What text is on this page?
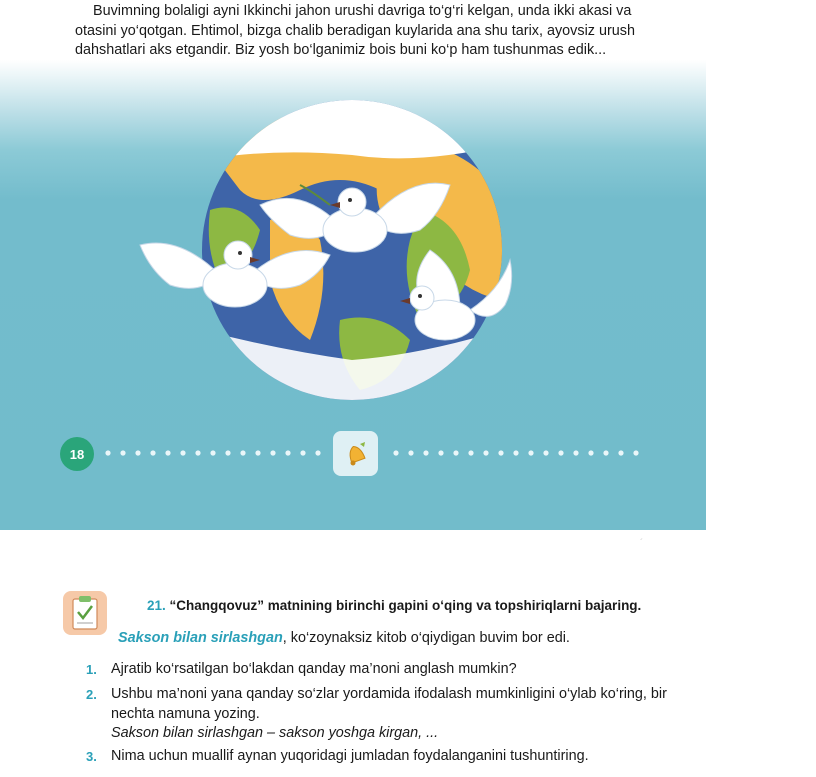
Buvimning bolaligi ayni Ikkinchi jahon urushi davriga to‘g‘ri kelgan, unda ikki akasi va

otasini yo‘qotgan. Ehtimol, bizga chalib beradigan kuylarida ana shu tarix, ayovsiz urush

dahshatlari aks etgandir. Biz yosh bo‘lganimiz bois buni ko‘p ham tushunmas edik...

18
´
21. “Changqovuz” matnining birinchi gapini o‘qing va topshiriqlarni bajaring.
Sakson bilan sirlashgan, ko‘zoynaksiz kitob o‘qiydigan buvim bor edi.
1. Ajratib ko‘rsatilgan bo‘lakdan qanday ma’noni anglash mumkin?
2. Ushbu ma’noni yana qanday so‘zlar yordamida ifodalash mumkinligini o‘ylab ko‘ring, bir nechta namuna yozing.
Sakson bilan sirlashgan – sakson yoshga kirgan, ...
3. Nima uchun muallif aynan yuqoridagi jumladan foydalanganini tushuntiring.
